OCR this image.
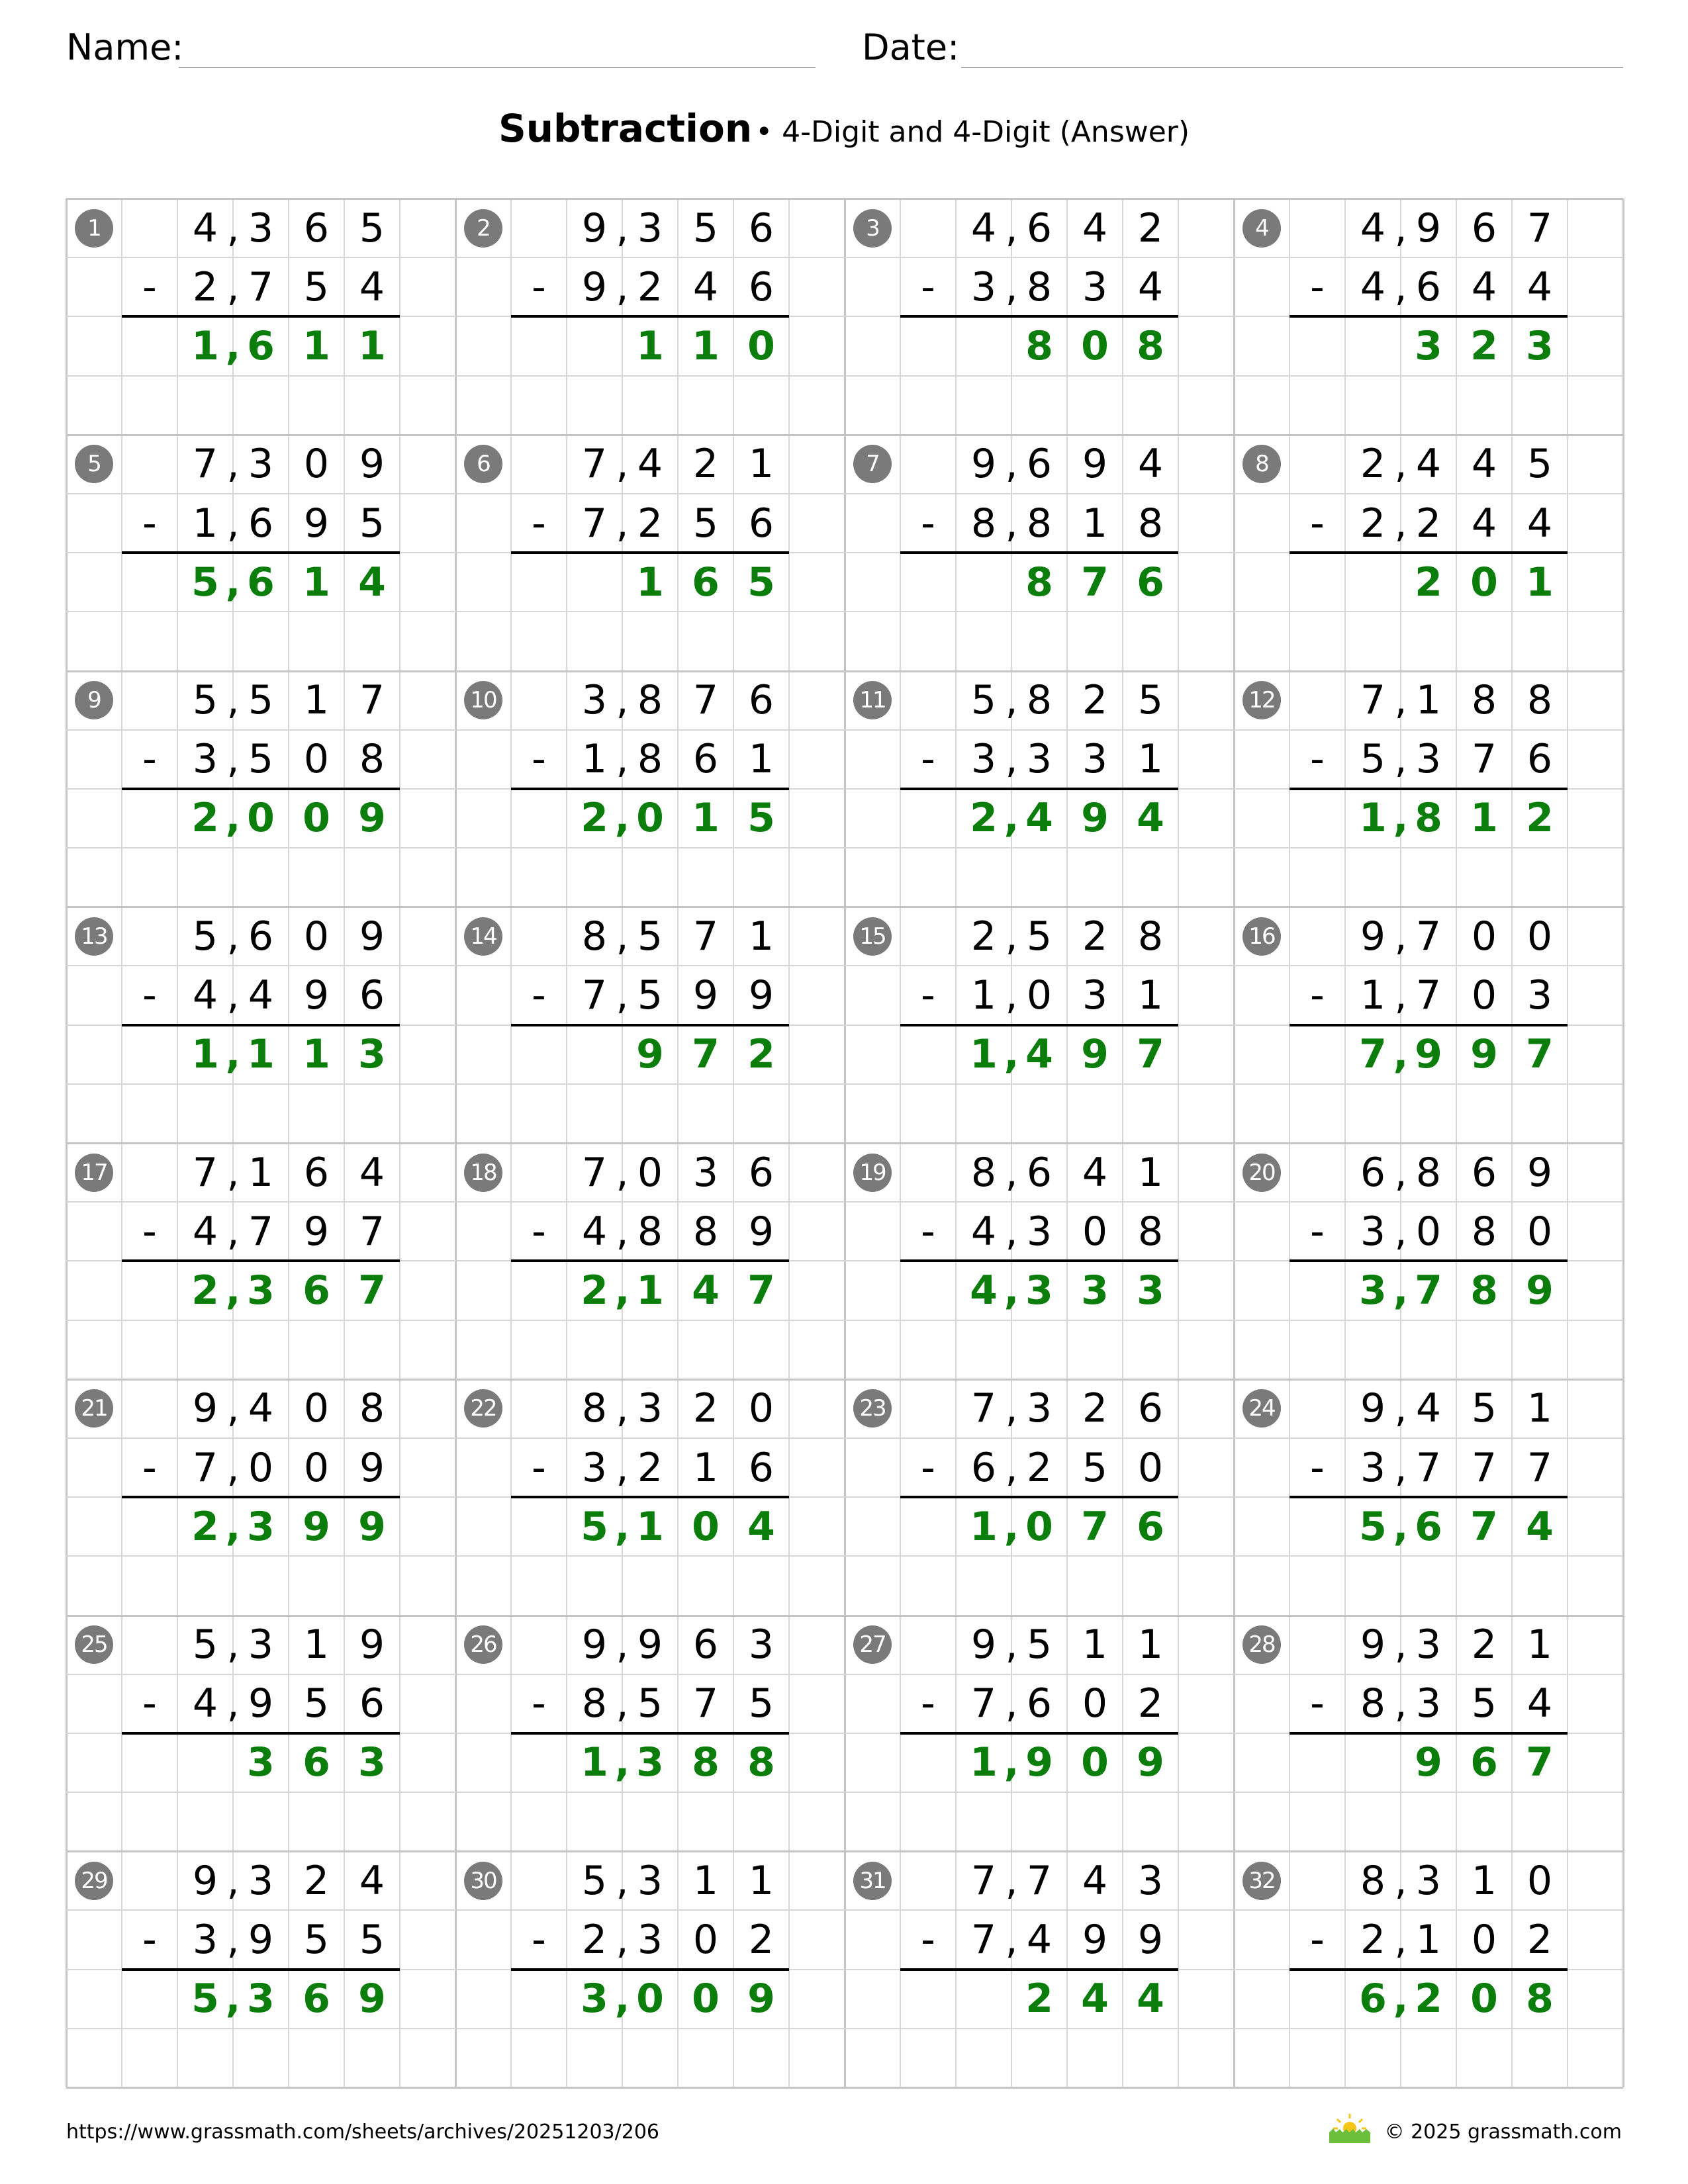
Name:	Date:
Subtraction • 4-Digit and 4-Digit (Answer)
1	4 3 6 5
,
- 2 7 5 4
,
1 6 1 1
,
2	9 3 5 6
,
- 9 2 4 6
,
1 1 0
3	4 6 4 2
,
- 3 8 3 4
,
8 0 8
4	4 9 6 7
,
- 4 6 4 4
,
3 2 3
5	7 3 0 9
,
- 1 6 9 5
,
5 6 1 4
,
6	7 4 2 1
,
- 7 2 5 6
,
1 6 5
7	9 6 9 4
,
- 8 8 1 8
,
8 7 6
8	2 4 4 5
,
- 2 2 4 4
,
2 0 1
9	5 5 1 7
,
- 3 5 0 8
,
2 0 0 9
,
10	3 8 7 6
,
- 1 8 6 1
,
2 0 1 5
,
11	5 8 2 5
,
- 3 3 3 1
,
2 4 9 4
,
12	7 1 8 8
,
- 5 3 7 6
,
1 8 1 2
,
13	5 6 0 9
,
- 4 4 9 6
,
1 1 1 3
,
14	8 5 7 1
,
- 7 5 9 9
,
9 7 2
15	2 5 2 8
,
- 1 0 3 1
,
1 4 9 7
,
16	9 7 0 0
,
- 1 7 0 3
,
7 9 9 7
,
17	7 1 6 4
,
- 4 7 9 7
,
2 3 6 7
,
18	7 0 3 6
,
- 4 8 8 9
,
2 1 4 7
,
19	8 6 4 1
,
- 4 3 0 8
,
4 3 3 3
,
20	6 8 6 9
,
- 3 0 8 0
,
3 7 8 9
,
21	9 4 0 8
,
- 7 0 0 9
,
2 3 9 9
,
22	8 3 2 0
,
- 3 2 1 6
,
5 1 0 4
,
23	7 3 2 6
,
- 6 2 5 0
,
1 0 7 6
,
24	9 4 5 1
,
- 3 7 7 7
,
5 6 7 4
,
25	5 3 1 9
,
- 4 9 5 6
,
3 6 3
26	9 9 6 3
,
- 8 5 7 5
,
1 3 8 8
,
27	9 5 1 1
,
- 7 6 0 2
,
1 9 0 9
,
28	9 3 2 1
,
- 8 3 5 4
,
9 6 7
29	9 3 2 4
,
- 3 9 5 5
,
5 3 6 9
,
30	5 3 1 1
,
- 2 3 0 2
,
3 0 0 9
,
31	7 7 4 3
,
- 7 4 9 9
,
2 4 4
32	8 3 1 0
,
- 2 1 0 2
,
6 2 0 8
,
https://www.grassmath.com/sheets/archives/20251203/206	© 2025 grassmath.com
